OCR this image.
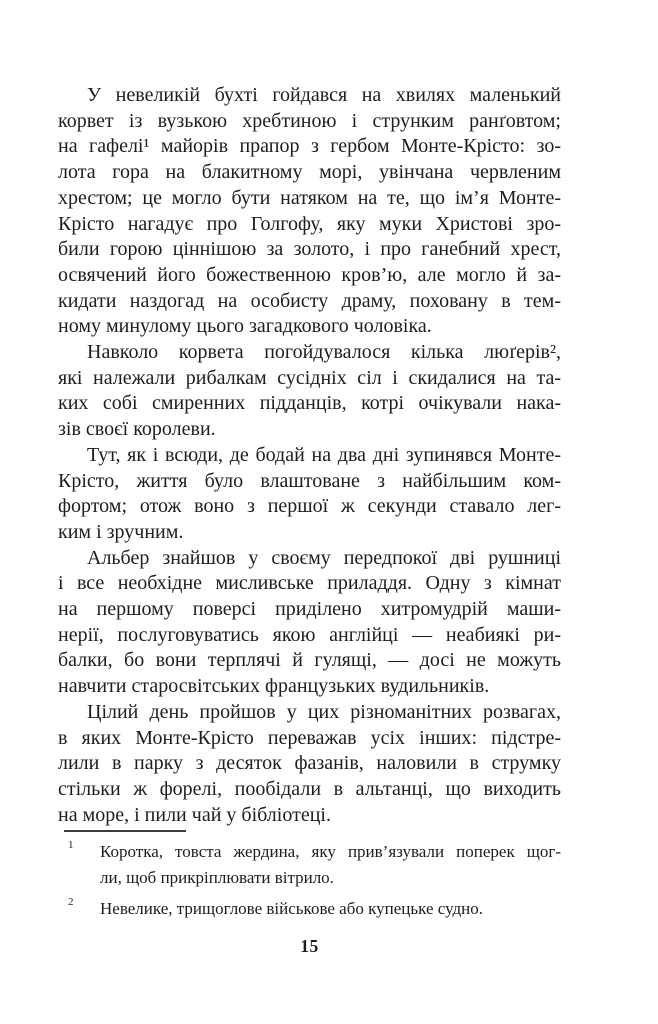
У невеликій бухті гойдався на хвилях маленький
корвет із вузькою хребтиною і струнким ранґовтом;
на гафелі¹ майорів прапор з гербом Монте-Крісто: зо-
лота гора на блакитному морі, увінчана червленим
хрестом; це могло бути натяком на те, що ім’я Монте-
Крісто нагадує про Голгофу, яку муки Христові зро-
били горою ціннішою за золото, і про ганебний хрест,
освячений його божественною кров’ю, але могло й за-
кидати наздогад на особисту драму, поховану в тем-
ному минулому цього загадкового чоловіка.
Навколо корвета погойдувалося кілька люґерів²,
які належали рибалкам сусідніх сіл і скидалися на та-
ких собі смиренних підданців, котрі очікували нака-
зів своєї королеви.
Тут, як і всюди, де бодай на два дні зупинявся Монте-
Крісто, життя було влаштоване з найбільшим ком-
фортом; отож воно з першої ж секунди ставало лег-
ким і зручним.
Альбер знайшов у своєму передпокої дві рушниці
і все необхідне мисливське приладдя. Одну з кімнат
на першому поверсі приділено хитромудрій маши-
нерії, послуговуватись якою англійці — неабиякі ри-
балки, бо вони терплячі й гулящі, — досі не можуть
навчити старосвітських французьких вудильників.
Цілий день пройшов у цих різноманітних розвагах,
в яких Монте-Крісто переважав усіх інших: підстре-
лили в парку з десяток фазанів, наловили в струмку
стільки ж форелі, пообідали в альтанці, що виходить
на море, і пили чай у бібліотеці.
1 Коротка, товста жердина, яку прив’язували поперек щог-
ли, щоб прикріплювати вітрило.
2 Невелике, трищоглове військове або купецьке судно.
15
